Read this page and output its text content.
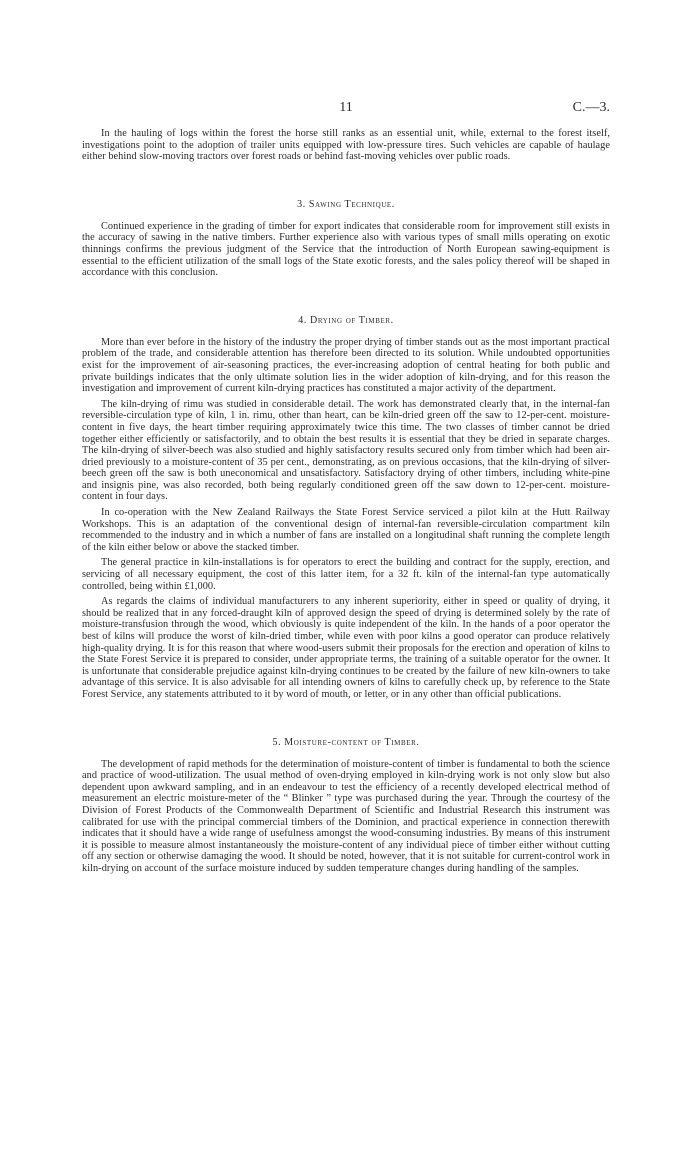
11	C.—3.

In the hauling of logs within the forest the horse still ranks as an essential unit, while, external to the forest itself, investigations point to the adoption of trailer units equipped with low-pressure tires. Such vehicles are capable of haulage either behind slow-moving tractors over forest roads or behind fast-moving vehicles over public roads.

3. Sawing Technique.

Continued experience in the grading of timber for export indicates that considerable room for improvement still exists in the accuracy of sawing in the native timbers. Further experience also with various types of small mills operating on exotic thinnings confirms the previous judgment of the Service that the introduction of North European sawing-equipment is essential to the efficient utilization of the small logs of the State exotic forests, and the sales policy thereof will be shaped in accordance with this conclusion.

4. Drying of Timber.

More than ever before in the history of the industry the proper drying of timber stands out as the most important practical problem of the trade, and considerable attention has therefore been directed to its solution. While undoubted opportunities exist for the improvement of air-seasoning practices, the ever-increasing adoption of central heating for both public and private buildings indicates that the only ultimate solution lies in the wider adoption of kiln-drying, and for this reason the investigation and improvement of current kiln-drying practices has constituted a major activity of the department.

The kiln-drying of rimu was studied in considerable detail. The work has demonstrated clearly that, in the internal-fan reversible-circulation type of kiln, 1 in. rimu, other than heart, can be kiln-dried green off the saw to 12-per-cent. moisture-content in five days, the heart timber requiring approximately twice this time. The two classes of timber cannot be dried together either efficiently or satisfactorily, and to obtain the best results it is essential that they be dried in separate charges. The kiln-drying of silver-beech was also studied and highly satisfactory results secured only from timber which had been air-dried previously to a moisture-content of 35 per cent., demonstrating, as on previous occasions, that the kiln-drying of silver-beech green off the saw is both uneconomical and unsatisfactory. Satisfactory drying of other timbers, including white-pine and insignis pine, was also recorded, both being regularly conditioned green off the saw down to 12-per-cent. moisture-content in four days.

In co-operation with the New Zealand Railways the State Forest Service serviced a pilot kiln at the Hutt Railway Workshops. This is an adaptation of the conventional design of internal-fan reversible-circulation compartment kiln recommended to the industry and in which a number of fans are installed on a longitudinal shaft running the complete length of the kiln either below or above the stacked timber.

The general practice in kiln-installations is for operators to erect the building and contract for the supply, erection, and servicing of all necessary equipment, the cost of this latter item, for a 32 ft. kiln of the internal-fan type automatically controlled, being within £1,000.

As regards the claims of individual manufacturers to any inherent superiority, either in speed or quality of drying, it should be realized that in any forced-draught kiln of approved design the speed of drying is determined solely by the rate of moisture-transfusion through the wood, which obviously is quite independent of the kiln. In the hands of a poor operator the best of kilns will produce the worst of kiln-dried timber, while even with poor kilns a good operator can produce relatively high-quality drying. It is for this reason that where wood-users submit their proposals for the erection and operation of kilns to the State Forest Service it is prepared to consider, under appropriate terms, the training of a suitable operator for the owner. It is unfortunate that considerable prejudice against kiln-drying continues to be created by the failure of new kiln-owners to take advantage of this service. It is also advisable for all intending owners of kilns to carefully check up, by reference to the State Forest Service, any statements attributed to it by word of mouth, or letter, or in any other than official publications.

5. Moisture-content of Timber.

The development of rapid methods for the determination of moisture-content of timber is fundamental to both the science and practice of wood-utilization. The usual method of oven-drying employed in kiln-drying work is not only slow but also dependent upon awkward sampling, and in an endeavour to test the efficiency of a recently developed electrical method of measurement an electric moisture-meter of the “ Blinker ” type was purchased during the year. Through the courtesy of the Division of Forest Products of the Commonwealth Department of Scientific and Industrial Research this instrument was calibrated for use with the principal commercial timbers of the Dominion, and practical experience in connection therewith indicates that it should have a wide range of usefulness amongst the wood-consuming industries. By means of this instrument it is possible to measure almost instantaneously the moisture-content of any individual piece of timber either without cutting off any section or otherwise damaging the wood. It should be noted, however, that it is not suitable for current-control work in kiln-drying on account of the surface moisture induced by sudden temperature changes during handling of the samples.
